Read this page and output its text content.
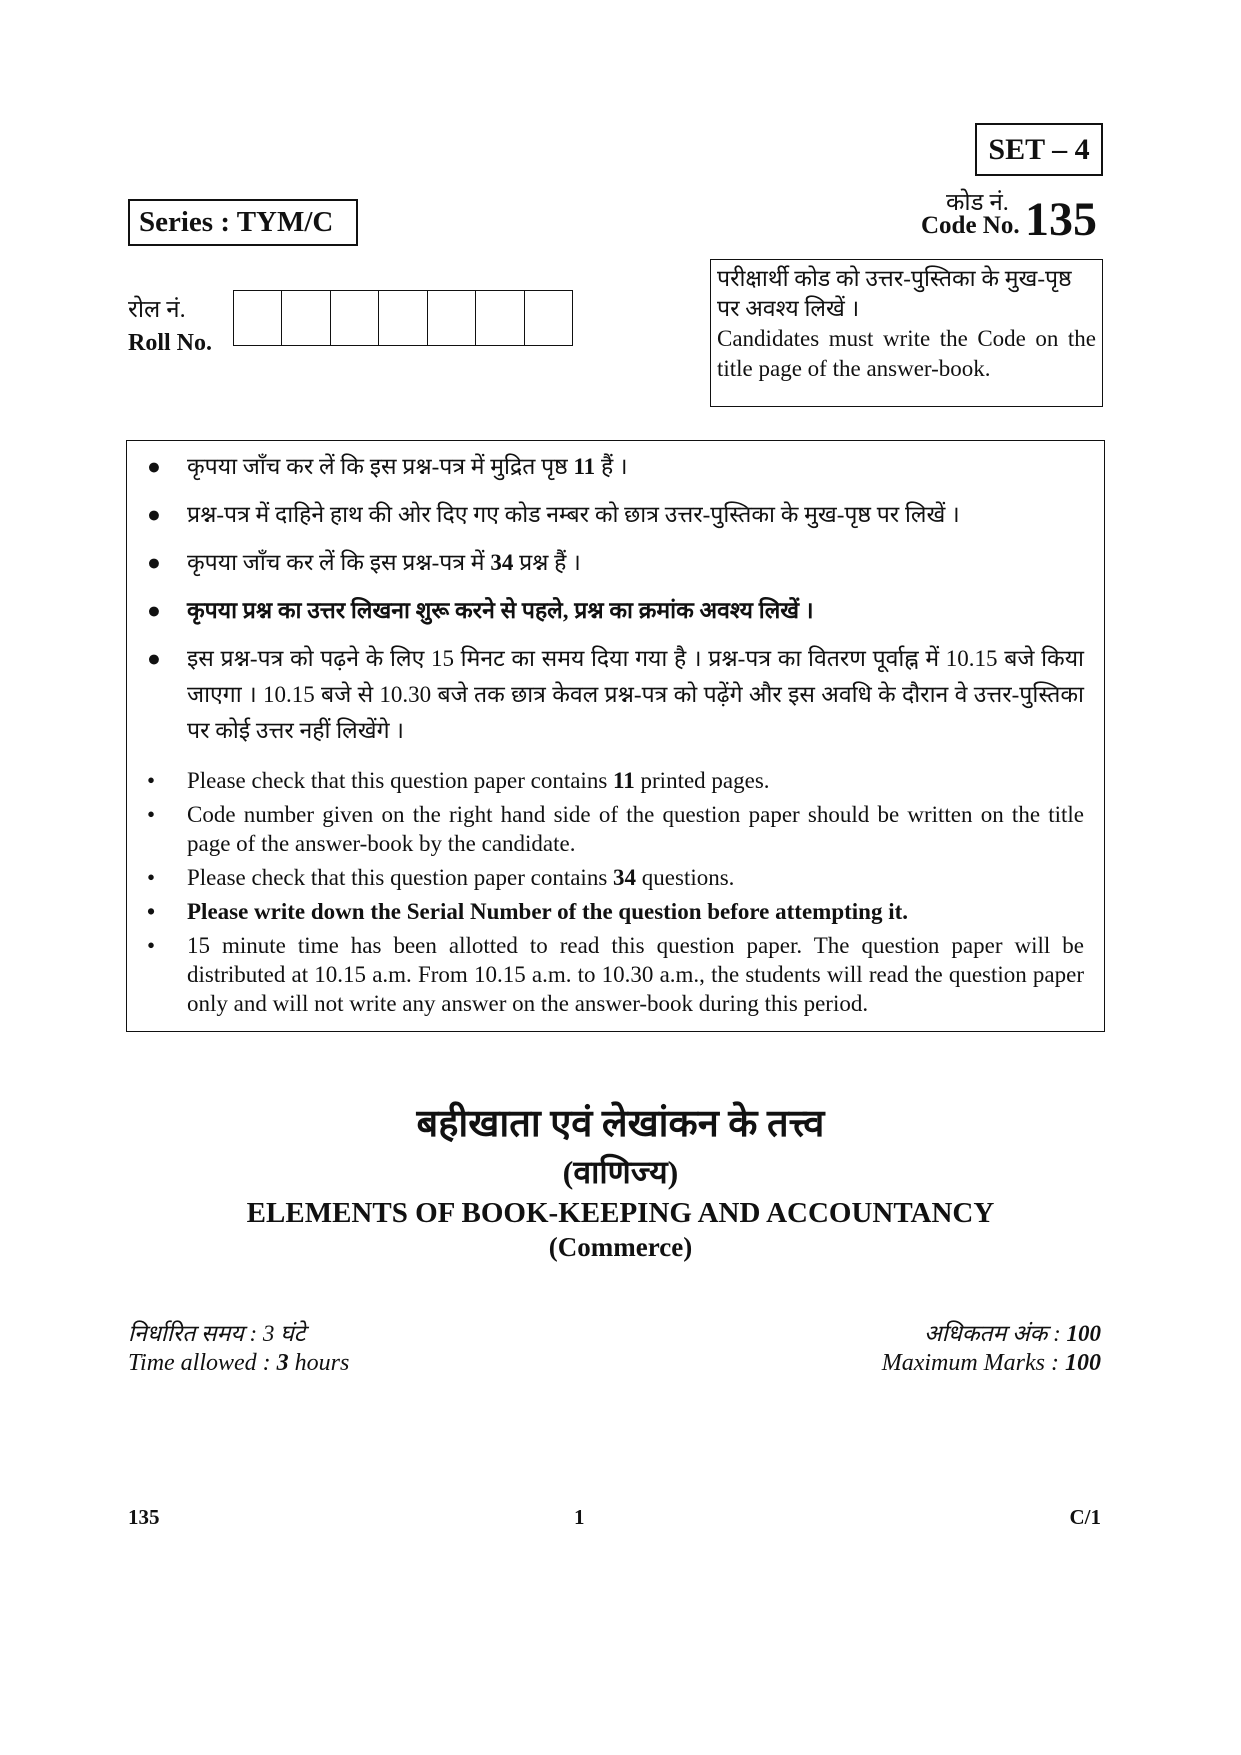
SET – 4
कोड नं.
Code No. 135
Series : TYM/C
रोल नं.
Roll No.
परीक्षार्थी कोड को उत्तर-पुस्तिका के मुख-पृष्ठ पर अवश्य लिखें ।
Candidates must write the Code on the title page of the answer-book.
● कृपया जाँच कर लें कि इस प्रश्न-पत्र में मुद्रित पृष्ठ 11 हैं ।
● प्रश्न-पत्र में दाहिने हाथ की ओर दिए गए कोड नम्बर को छात्र उत्तर-पुस्तिका के मुख-पृष्ठ पर लिखें ।
● कृपया जाँच कर लें कि इस प्रश्न-पत्र में 34 प्रश्न हैं ।
● कृपया प्रश्न का उत्तर लिखना शुरू करने से पहले, प्रश्न का क्रमांक अवश्य लिखें ।
● इस प्रश्न-पत्र को पढ़ने के लिए 15 मिनट का समय दिया गया है । प्रश्न-पत्र का वितरण पूर्वाह्न में 10.15 बजे किया जाएगा । 10.15 बजे से 10.30 बजे तक छात्र केवल प्रश्न-पत्र को पढ़ेंगे और इस अवधि के दौरान वे उत्तर-पुस्तिका पर कोई उत्तर नहीं लिखेंगे ।
•	Please check that this question paper contains 11 printed pages.
•	Code number given on the right hand side of the question paper should be written on the title page of the answer-book by the candidate.
•	Please check that this question paper contains 34 questions.
•	Please write down the Serial Number of the question before attempting it.
•	15 minute time has been allotted to read this question paper. The question paper will be distributed at 10.15 a.m. From 10.15 a.m. to 10.30 a.m., the students will read the question paper only and will not write any answer on the answer-book during this period.
बहीखाता एवं लेखांकन के तत्त्व
(वाणिज्य)
ELEMENTS OF BOOK-KEEPING AND ACCOUNTANCY
(Commerce)
निर्धारित समय : 3 घंटे
Time allowed : 3 hours
अधिकतम अंक : 100
Maximum Marks : 100
135	1	C/1
